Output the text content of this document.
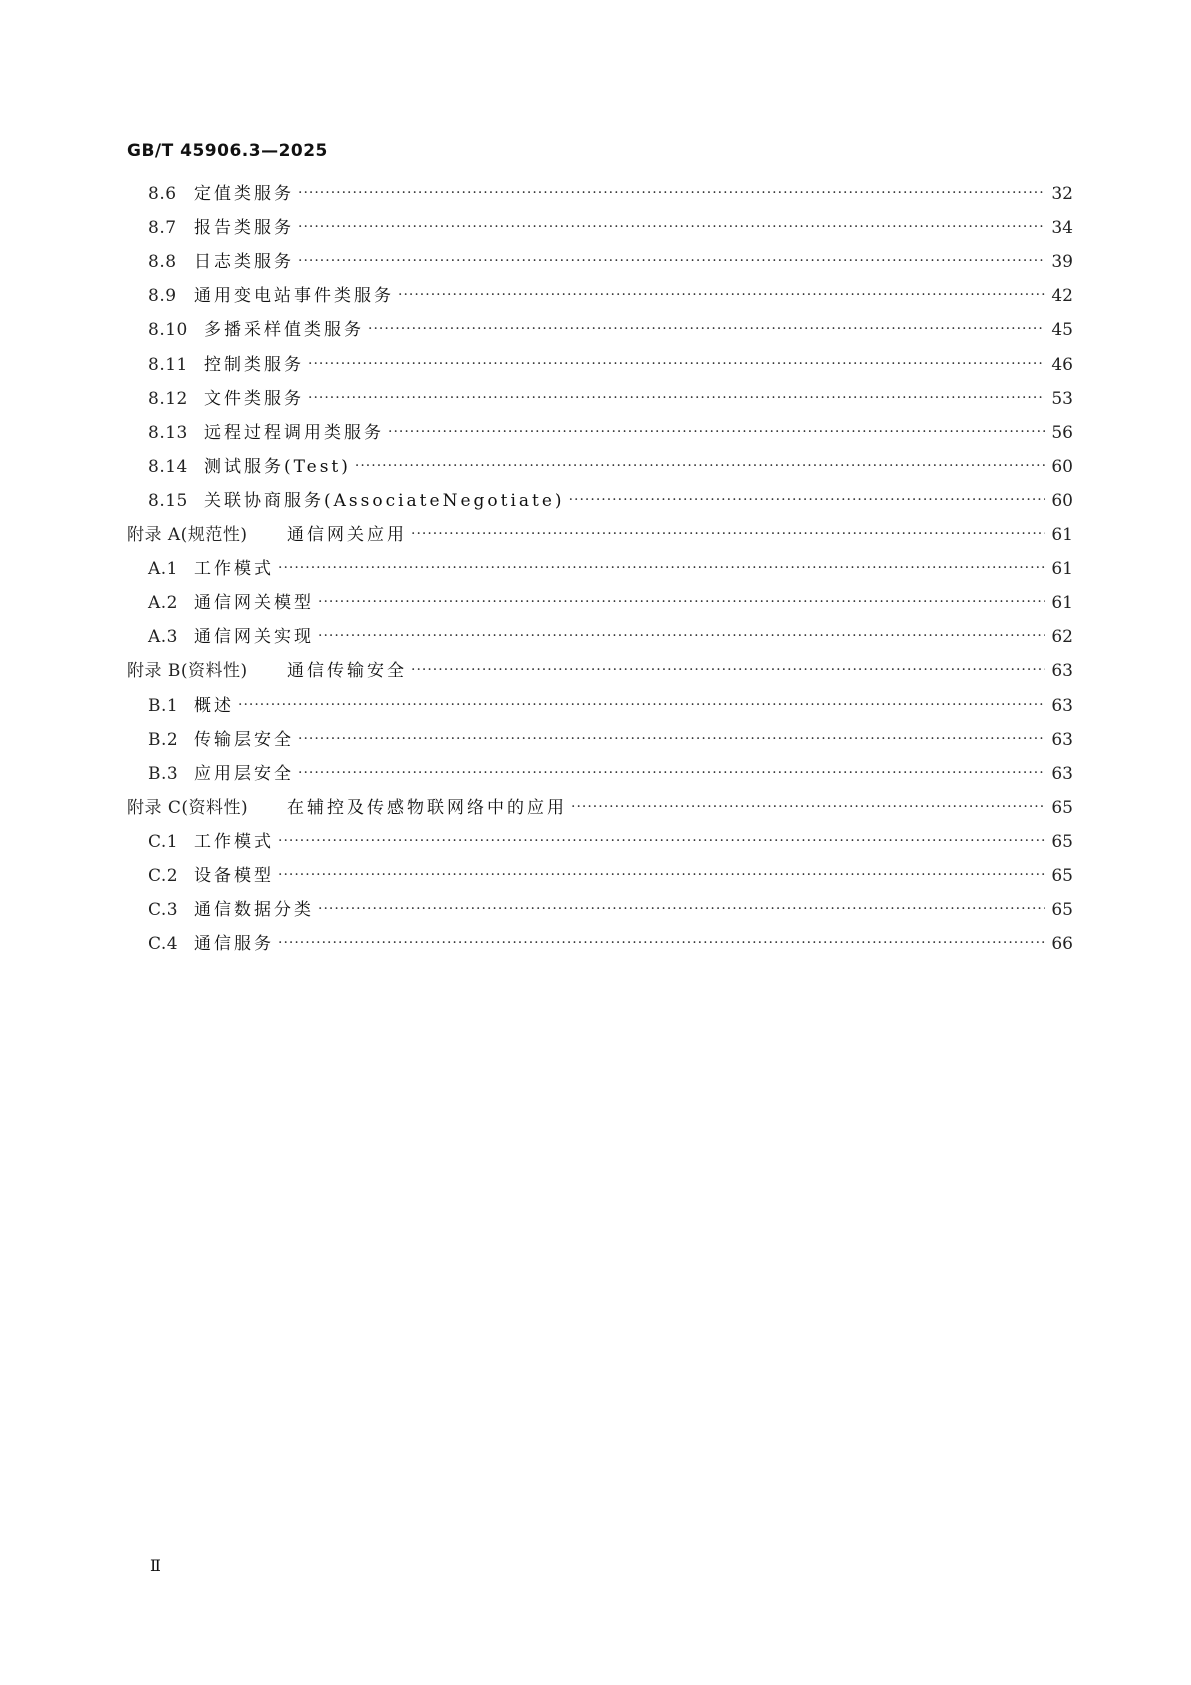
GB/T 45906.3—2025
8.6	定值类服务 ·····	32
8.7	报告类服务 ·····	34
8.8	日志类服务 ·····	39
8.9	通用变电站事件类服务 ·····	42
8.10 多播采样值类服务 ·····	45
8.11 控制类服务 ·····	46
8.12 文件类服务 ·····	53
8.13 远程过程调用类服务 ·····	56
8.14 测试服务(Test) ·····	60
8.15 关联协商服务(AssociateNegotiate) ·····	60
附录 A(规范性)	通信网关应用 ·····	61
A.1 工作模式 ·····	61
A.2 通信网关模型 ·····	61
A.3 通信网关实现 ·····	62
附录 B(资料性)	通信传输安全 ·····	63
B.1 概述 ·····	63
B.2 传输层安全 ·····	63
B.3 应用层安全 ·····	63
附录 C(资料性)	在辅控及传感物联网络中的应用 ·····	65
C.1 工作模式 ·····	65
C.2 设备模型 ·····	65
C.3 通信数据分类 ·····	65
C.4 通信服务 ·····	66
Ⅱ
